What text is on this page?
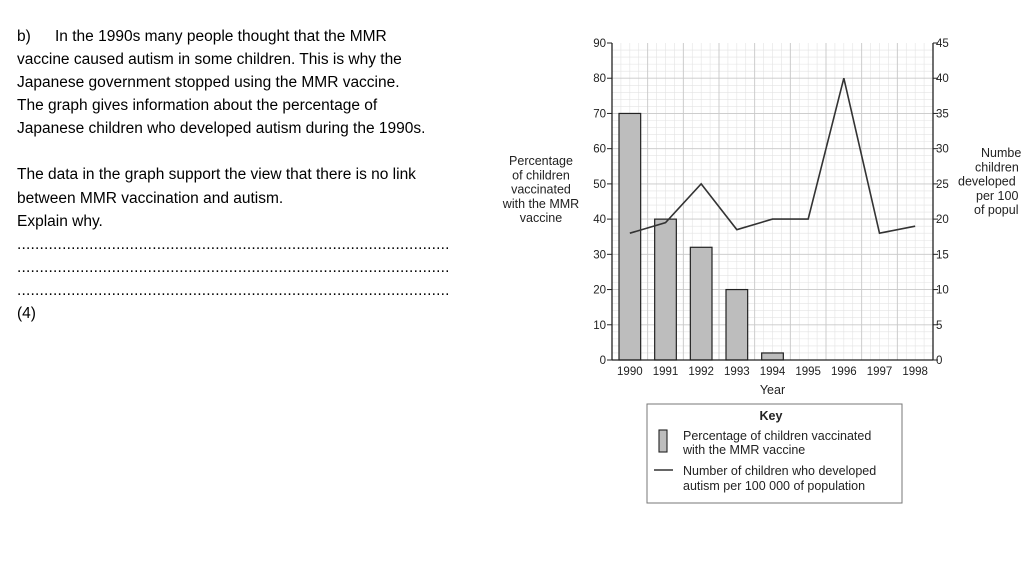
b) In the 1990s many people thought that the MMR
vaccine caused autism in some children. This is why the
Japanese government stopped using the MMR vaccine.
The graph gives information about the percentage of
Japanese children who developed autism during the 1990s.
The data in the graph support the view that there is no link
between MMR vaccination and autism.
Explain why.
................................................................................................
................................................................................................
................................................................................................
(4)
0
10
20
30
40
50
60
70
80
90
0
5
10
15
20
25
30
35
40
45
1990 1991 1992 1993 1994 1995 1996 1997 1998
Year
Percentage
of children
vaccinated
with the MMR
vaccine
Numbe
children
developed
per 100
of popul
Key
Percentage of children vaccinated
with the MMR vaccine
Number of children who developed
autism per 100 000 of population
